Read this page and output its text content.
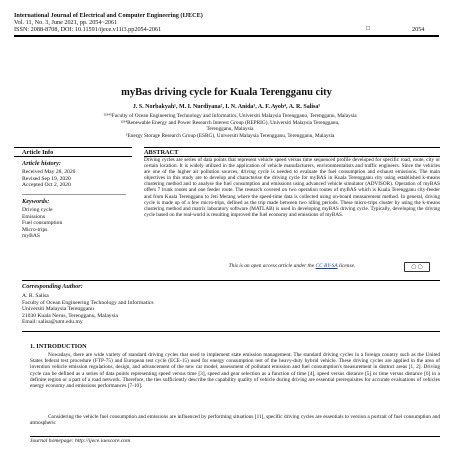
International Journal of Electrical and Computer Engineering (IJECE)
Vol. 11, No. 3, June 2021, pp. 2054~2061
ISSN: 2088-8708, DOI: 10.11591/ijece.v11i3.pp2054-2061	□	2054
myBas driving cycle for Kuala Terengganu city
J. S. Norbakyah¹, M. I. Nurdiyana², I. N. Anida³, A. F. Ayob⁴, A. R. Salisa⁵
¹²³⁴⁵Faculty of Ocean Engineering Technology and Informatics, Universiti Malaysia Terengganu, Terengganu, Malaysia
¹²³⁴Renewable Energy and Power Research Interest Group (REPRIG), Universiti Malaysia Terengganu,
Terengganu, Malaysia
⁵Energy Storage Research Group (ESRG), Universiti Malaysia Terengganu, Terengganu, Malaysia
Article Info
Article history:
Received May 28, 2020
Revised Sep 19, 2020
Accepted Oct 2, 2020
Keywords:
Driving cycle
Emissions
Fuel consumption
Micro-trips
myBAS
ABSTRACT
Driving cycles are series of data points that represent vehicle speed versus time sequenced profile developed for specific road, route, city or certain location. It is widely utilized in the application of vehicle manufacturers, environmentalists and traffic engineers. Since the vehicles are one of the higher air pollution sources, driving cycle is needed to evaluate the fuel consumption and exhaust emissions. The main objectives in this study are to develop and characterise the driving cycle for myBAS in Kuala Terengganu city using established k-means clustering method and to analyse the fuel consumption and emissions using advanced vehicle simulator (ADVISOR). Operation of myBAS offers 7 trunk routes and one feeder route. The research covered on two operation routes of myBAS which is Kuala Terengganu city-feeder and from Kuala Terengganu to Jeti Merang where the speed-time data is collected using on-board measurement method. In general, driving cycle is made up of a few micro-trips, defined as the trip made between two idling periods. These micro-trips cluster by using the k-means clustering method and matrix laboratory software (MATLAB) is used in developing myBAS driving cycle. Typically, developing the driving cycle based on the real-world is resulting improved the fuel economy and emissions of myBAS.
This is an open access article under the CC BY-SA license.	◯ ◯
Corresponding Author:
A. R. Salisa
Faculty of Ocean Engineering Technology and Informatics
Universiti Malaysia Terengganu
21030 Kuala Nerus, Terengganu, Malaysia
Email: salisa@umt.edu.my
1. INTRODUCTION
Nowadays, there are wide variety of standard driving cycles that used to implement state emission management. The standard driving cycles in a foreign country such as the United States federal test procedure (FTP-75) and European test cycle (ECE-15) used for energy consumption test of the heavy-duty hybrid vehicle. These driving cycles are applied in the area of invention vehicle emission regulations, design, and advancement of the new car model, assessment of pollutant emission and fuel consumption's measurement in distinct areas [1, 2]. Driving cycle can be defined as a series of data points representing speed versus time [3], speed and gear selection as a function of time [4], speed versus distance [5] or time versus distance [6] in a definite region or a part of a road network. Therefore, the ties sufficiently describe the capability quality of vehicle during driving are essential prerequisites for accurate evaluations of vehicles energy economy and emissions performances [7-10].
Considering the vehicle fuel consumption and emissions are influenced by performing situations [11], specific driving cycles are essentials to version a portrait of fuel consumption and atmospheric
Journal homepage: http://ijece.iaescore.com
